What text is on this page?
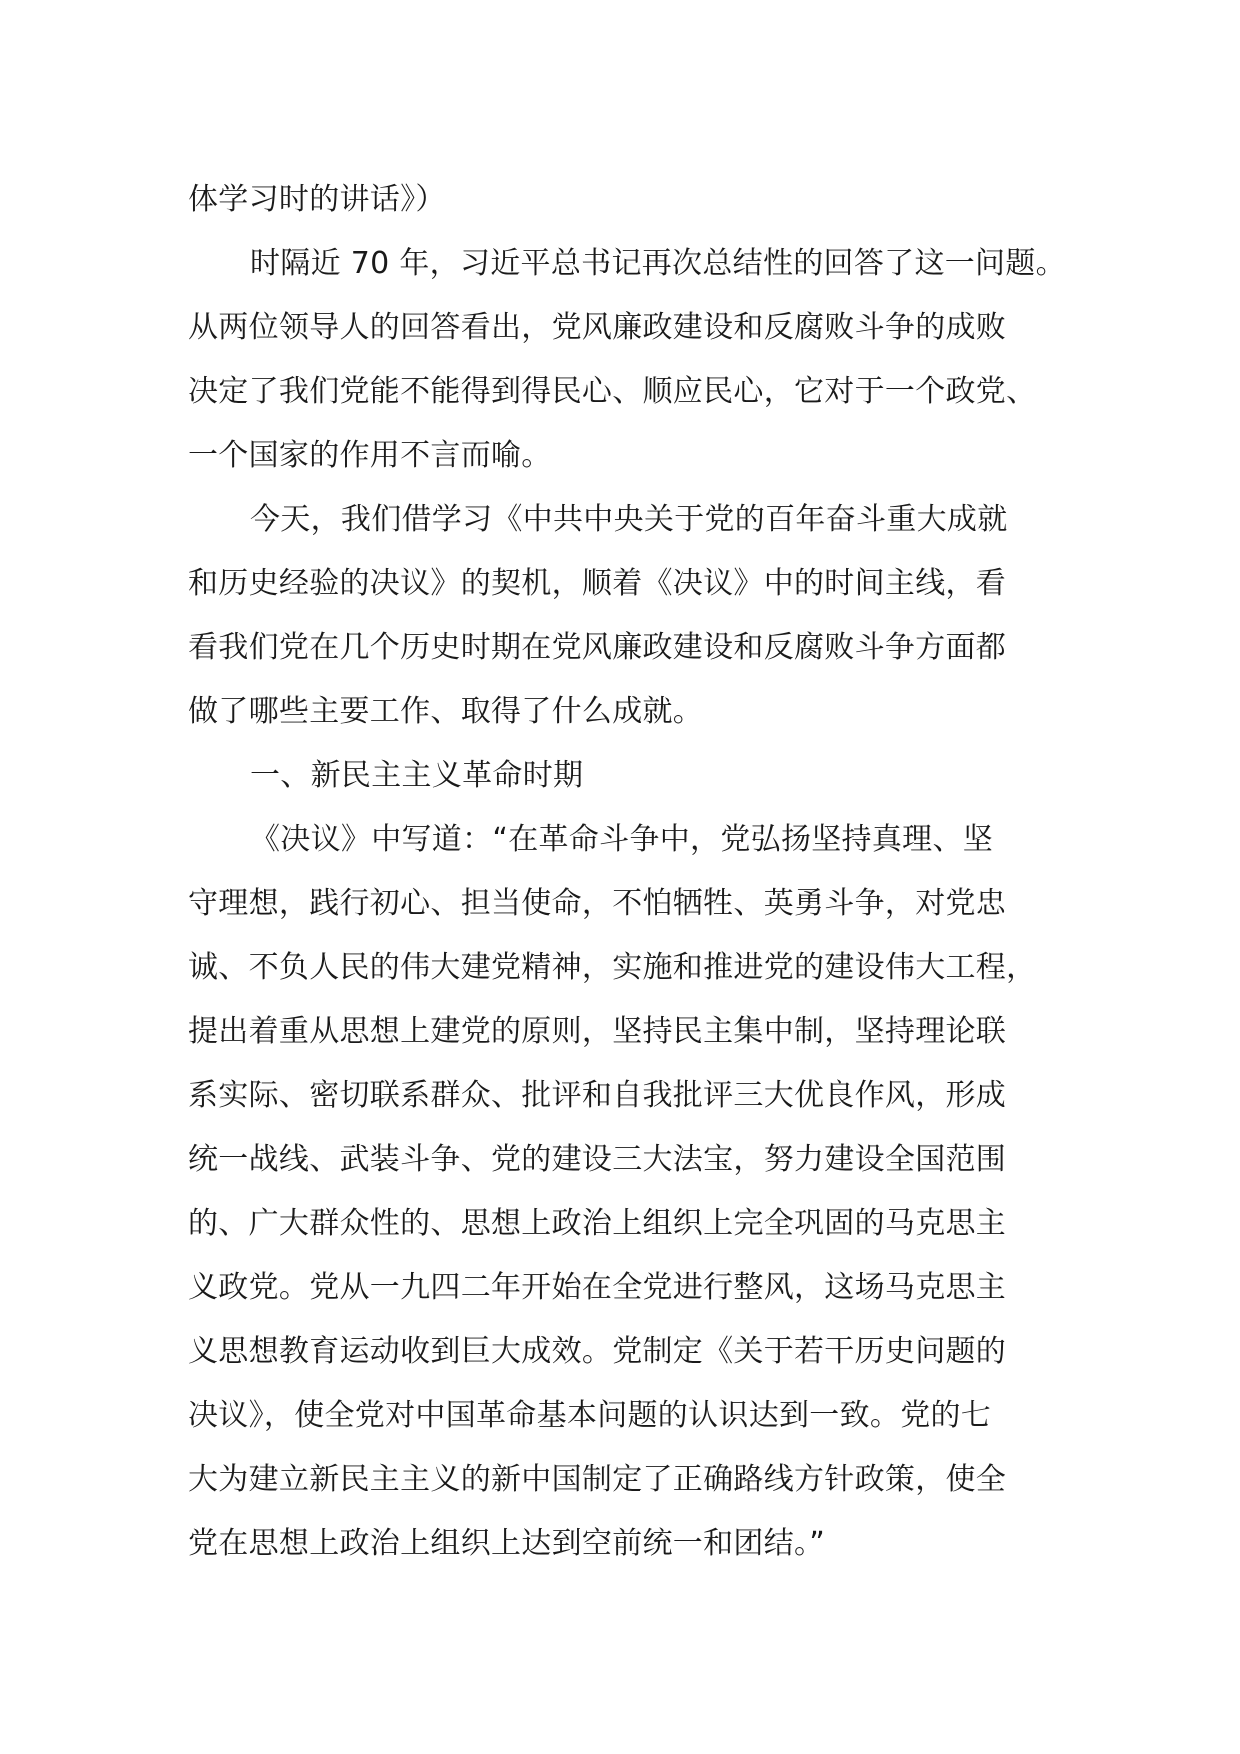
体学习时的讲话》）
时隔近 70 年，习近平总书记再次总结性的回答了这一问题。
从两位领导人的回答看出，党风廉政建设和反腐败斗争的成败
决定了我们党能不能得到得民心、顺应民心，它对于一个政党、
一个国家的作用不言而喻。
今天，我们借学习《中共中央关于党的百年奋斗重大成就
和历史经验的决议》的契机，顺着《决议》中的时间主线，看
看我们党在几个历史时期在党风廉政建设和反腐败斗争方面都
做了哪些主要工作、取得了什么成就。
一、新民主主义革命时期
《决议》中写道：“在革命斗争中，党弘扬坚持真理、坚
守理想，践行初心、担当使命，不怕牺牲、英勇斗争，对党忠
诚、不负人民的伟大建党精神，实施和推进党的建设伟大工程，
提出着重从思想上建党的原则，坚持民主集中制，坚持理论联
系实际、密切联系群众、批评和自我批评三大优良作风，形成
统一战线、武装斗争、党的建设三大法宝，努力建设全国范围
的、广大群众性的、思想上政治上组织上完全巩固的马克思主
义政党。党从一九四二年开始在全党进行整风，这场马克思主
义思想教育运动收到巨大成效。党制定《关于若干历史问题的
决议》，使全党对中国革命基本问题的认识达到一致。党的七
大为建立新民主主义的新中国制定了正确路线方针政策，使全
党在思想上政治上组织上达到空前统一和团结。”
